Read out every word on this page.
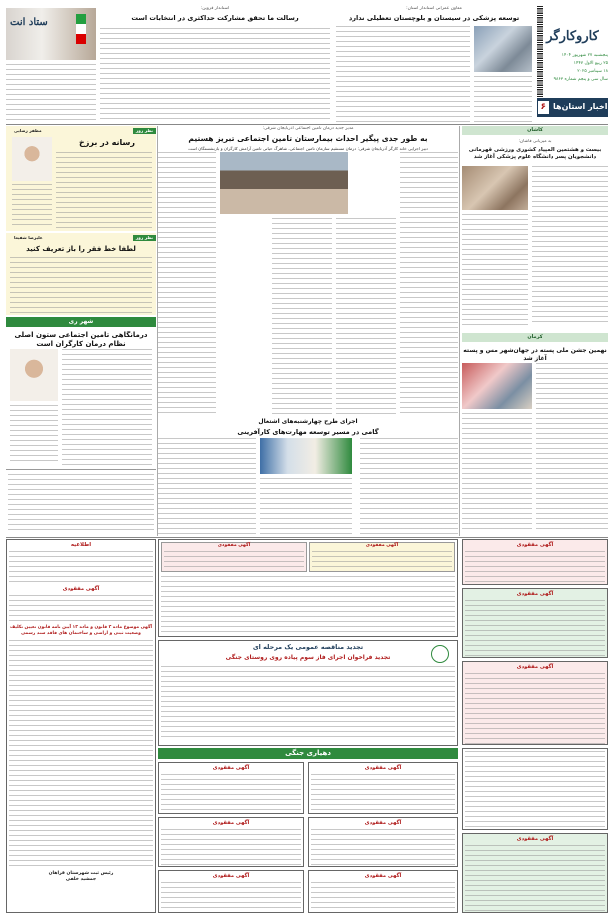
کاروکارگر
پنجشنبه ۲۷ شهریور ۱۴۰۴
۲۵ ربیع الاول ۱۴۴۷
۱۸ سپتامبر ۲۰۲۵
سال سی و پنجم شماره ۹۸۶۳
اخبار استان‌ها
۶
معاون عمرانی استاندار استان:
توسعه پزشکی در سیستان و بلوچستان تعطیلی ندارد
استاندار قزوین:
رسالت ما تحقق مشارکت حداکثری در انتخابات است
ستاد انت
کاشان
به میزبانی فاشان:
بیست و هشتمین المپیاد کشوری ورزشی قهرمانی دانشجویان پسر دانشگاه علوم پزشکی آغاز شد
کرمان
نهمین جشن ملی پسته در جهان‌شهر مس و پسته آغاز شد
مدیر جدید درمان تامین اجتماعی آذربایجان شرقی:
به طور جدی پیگیر احداث بیمارستان تامین اجتماعی تبریز هستیم
دبیر اجرایی خانه کارگر آذربایجان شرقی: درمان مستقیم سازمان تامین اجتماعی، شاهرگ حیاتی تامین آرامش کارگران و بازنشستگان است
اجرای طرح چهارشنبه‌های اشتغال
گامی در مسیر توسعه مهارت‌های کارآفرینی
نظر روز
مظفر رضایی
رسانه در برزخ
نظر روز
علیرضا شفیعا
لطفا خط فقر را باز تعریف کنید
شهر ری
درمانگاهی تامین اجتماعی ستون اصلی نظام درمان کارگران است
آگهی مفقودی
آگهی مفقودی
تجدید مناقصه عمومی یک مرحله ای
تجدید فراخوان اجرای فاز سوم پیاده روی روستای جنگی
دهیاری جنگی
آگهی مفقودی	آگهی مفقودی
آگهی مفقودی	آگهی مفقودی
آگهی مفقودی	آگهی مفقودی
آگهی مفقودی
آگهی مفقودی
آگهی مفقودی
آگهی مفقودی
اطلاعیه
آگهی مفقودی
آگهی موضوع ماده ۳ قانون و ماده ۱۳ آیین نامه قانون تعیین تکلیف وضعیت ثبتی و اراضی و ساختمان های فاقد سند رسمی
رئیس ثبت شهرستان فراهان
جمشید خلفی
